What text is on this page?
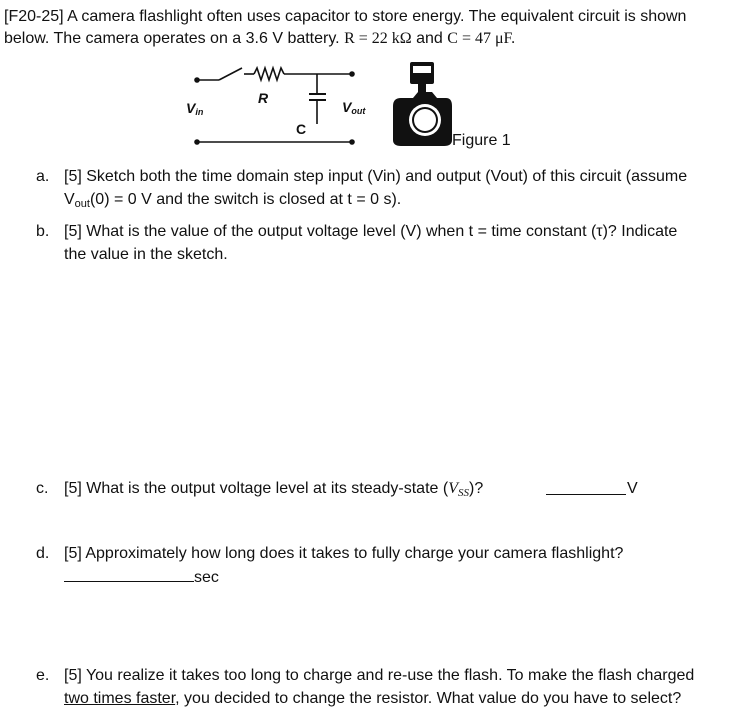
[F20-25] A camera flashlight often uses capacitor to store energy. The equivalent circuit is shown
below. The camera operates on a 3.6 V battery. R = 22 kΩ and C = 47 μF.
R
C
Vin	Vout
Figure 1
a. [5] Sketch both the time domain step input (Vin) and output (Vout) of this circuit (assume
$V_{out}(0) = 0$ V and the switch is closed at t = 0 s).
b. [5] What is the value of the output voltage level (V) when t = time constant (τ)? Indicate
the value in the sketch.
c. [5] What is the output voltage level at its steady-state $(V_{SS})$?	V
d. [5] Approximately how long does it takes to fully charge your camera flashlight?
sec
e. [5] You realize it takes too long to charge and re-use the flash. To make the flash charged
two times faster, you decided to change the resistor. What value do you have to select?
